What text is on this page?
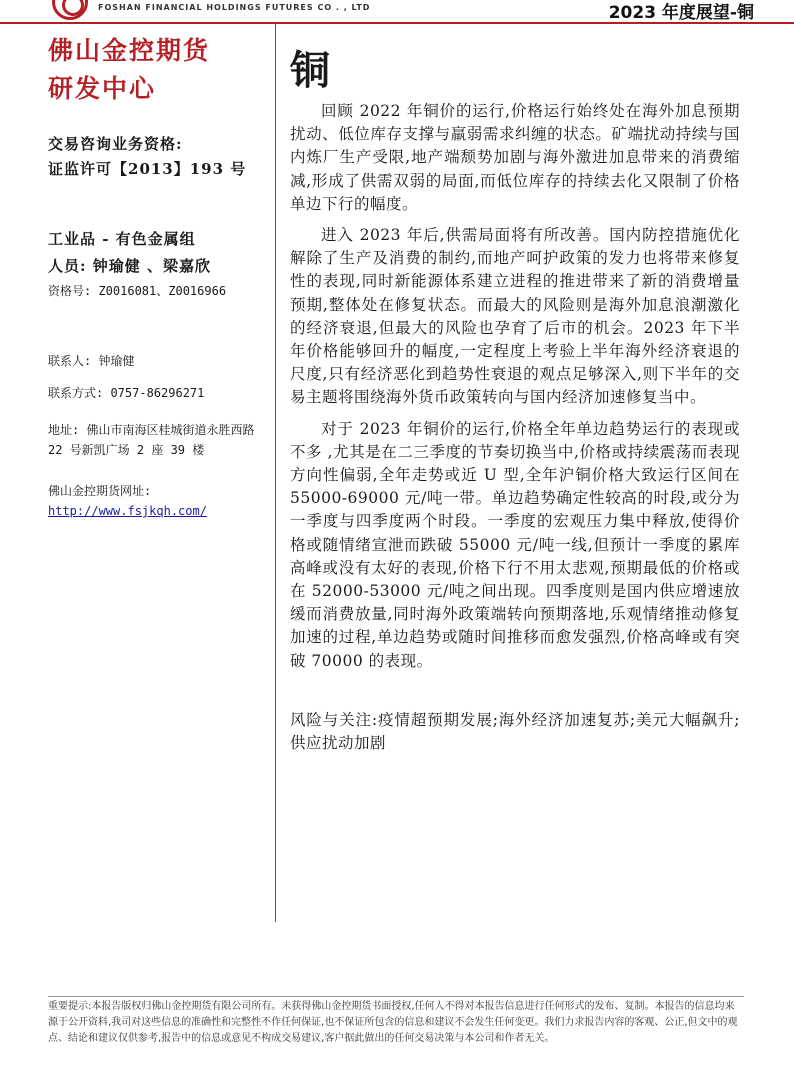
FOSHAN FINANCIAL HOLDINGS FUTURES CO . , LTD	2023 年度展望-铜
佛山金控期货
研发中心
交易咨询业务资格:
证监许可【2013】193 号
工业品 - 有色金属组
人员: 钟瑜健 、梁嘉欣
资格号: Z0016081、Z0016966
联系人: 钟瑜健
联系方式: 0757-86296271
地址: 佛山市南海区桂城街道永胜西路 22 号新凯广场 2 座 39 楼
佛山金控期货网址:
http://www.fsjkqh.com/
铜

回顾 2022 年铜价的运行,价格运行始终处在海外加息预期扰动、低位库存支撑与羸弱需求纠缠的状态。矿端扰动持续与国内炼厂生产受限,地产端颓势加剧与海外激进加息带来的消费缩减,形成了供需双弱的局面,而低位库存的持续去化又限制了价格单边下行的幅度。

进入 2023 年后,供需局面将有所改善。国内防控措施优化解除了生产及消费的制约,而地产呵护政策的发力也将带来修复性的表现,同时新能源体系建立进程的推进带来了新的消费增量预期,整体处在修复状态。而最大的风险则是海外加息浪潮激化的经济衰退,但最大的风险也孕育了后市的机会。2023 年下半年价格能够回升的幅度,一定程度上考验上半年海外经济衰退的尺度,只有经济恶化到趋势性衰退的观点足够深入,则下半年的交易主题将围绕海外货币政策转向与国内经济加速修复当中。

对于 2023 年铜价的运行,价格全年单边趋势运行的表现或不多 ,尤其是在二三季度的节奏切换当中,价格或持续震荡而表现方向性偏弱,全年走势或近 U 型,全年沪铜价格大致运行区间在 55000-69000 元/吨一带。单边趋势确定性较高的时段,或分为一季度与四季度两个时段。一季度的宏观压力集中释放,使得价格或随情绪宣泄而跌破 55000 元/吨一线,但预计一季度的累库高峰或没有太好的表现,价格下行不用太悲观,预期最低的价格或在 52000-53000 元/吨之间出现。四季度则是国内供应增速放缓而消费放量,同时海外政策端转向预期落地,乐观情绪推动修复加速的过程,单边趋势或随时间推移而愈发强烈,价格高峰或有突破 70000 的表现。

风险与关注:疫情超预期发展;海外经济加速复苏;美元大幅飙升;供应扰动加剧
重要提示:本报告版权归佛山金控期货有限公司所有。未获得佛山金控期货书面授权,任何人不得对本报告信息进行任何形式的发布、复制。本报告的信息均来源于公开资料,我司对这些信息的准确性和完整性不作任何保证,也不保证所包含的信息和建议不会发生任何变更。我们力求报告内容的客观、公正,但文中的观点、结论和建议仅供参考,报告中的信息或意见不构成交易建议,客户据此做出的任何交易决策与本公司和作者无关。
